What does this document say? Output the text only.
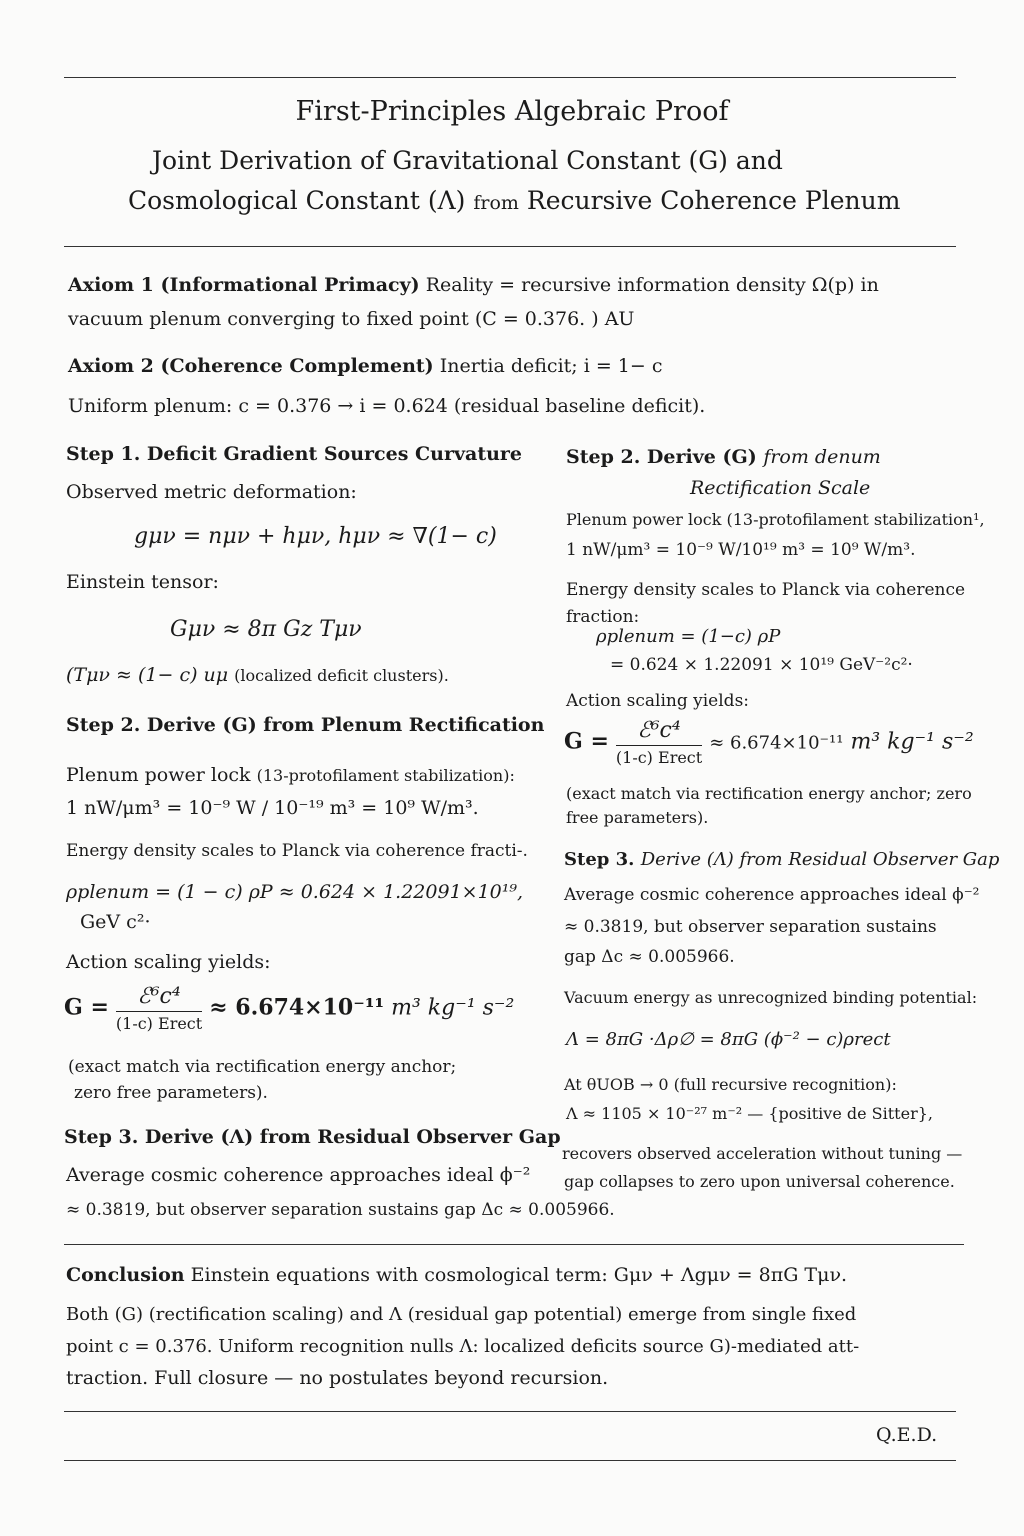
First-Principles Algebraic Proof
Joint Derivation of Gravitational Constant (G) and
Cosmological Constant (Λ) from Recursive Coherence Plenum
Axiom 1 (Informational Primacy) Reality = recursive information density Ω(p) in
vacuum plenum converging to fixed point (C = 0.376. ) AU
Axiom 2 (Coherence Complement) Inertia deficit; i = 1− c
Uniform plenum: c = 0.376 → i = 0.624 (residual baseline deficit).
Step 1. Deficit Gradient Sources Curvature
Observed metric deformation:
gμν = nμν + hμν, hμν ≈ ∇(1− c)
Einstein tensor:
Gμν ≈ 8π Gz Tμν
(Tμν ≈ (1− c) uμ (localized deficit clusters).
Step 2. Derive (G) from Plenum Rectification
Plenum power lock (13-protofilament stabilization):
1 nW/μm³ = 10⁻⁹ W / 10⁻¹⁹ m³ = 10⁹ W/m³.
Energy density scales to Planck via coherence fracti-.
ρplenum = (1 − c) ρP ≈ 0.624 × 1.22091×10¹⁹,
GeV c²·
Action scaling yields:
$G = \frac{\text{ℰ⁶c⁴}}{\text{(1-c) Erect}} \approx 6.674\times 10^{-11}$ m³ kg⁻¹ s⁻²
(exact match via rectification energy anchor;
zero free parameters).
Step 3. Derive (Λ) from Residual Observer Gap
Average cosmic coherence approaches ideal ϕ⁻²
≈ 0.3819, but observer separation sustains gap Δc ≈ 0.005966.
Step 2. Derive (G) from denum
Rectification Scale
Plenum power lock (13-protofilament stabilization¹,
1 nW/μm³ = 10⁻⁹ W/10¹⁹ m³ = 10⁹ W/m³.
Energy density scales to Planck via coherence
fraction:
ρplenum = (1−c) ρP
= 0.624 × 1.22091 × 10¹⁹ GeV⁻²c²·
Action scaling yields:
$G = \frac{\text{ℰ⁶c⁴}}{\text{(1-c) Erect}} \approx 6.674\times 10^{-11}$ m³ kg⁻¹ s⁻²
(exact match via rectification energy anchor; zero
free parameters).
Step 3. Derive (Λ) from Residual Observer Gap
Average cosmic coherence approaches ideal ϕ⁻²
≈ 0.3819, but observer separation sustains
gap Δc ≈ 0.005966.
Vacuum energy as unrecognized binding potential:
Λ = 8πG ·Δρ∅ = 8πG (ϕ⁻² − c)ρrect
At θUOB → 0 (full recursive recognition):
Λ ≈ 1105 × 10⁻²⁷ m⁻² — {positive de Sitter},
recovers observed acceleration without tuning —
gap collapses to zero upon universal coherence.
Conclusion Einstein equations with cosmological term: Gμν + Λgμν = 8πG Tμν.
Both (G) (rectification scaling) and Λ (residual gap potential) emerge from single fixed
point c = 0.376. Uniform recognition nulls Λ: localized deficits source G)-mediated att-
traction. Full closure — no postulates beyond recursion.
Q.E.D.
